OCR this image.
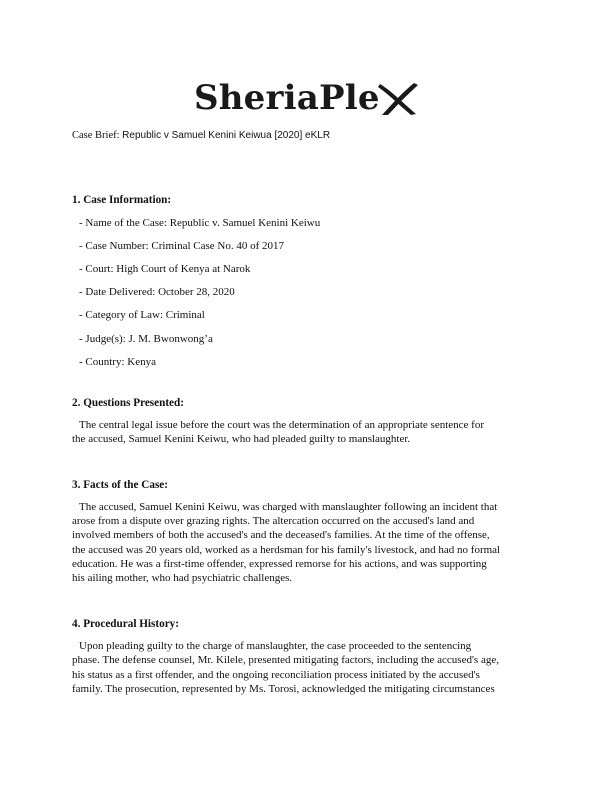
SheriaPle
Case Brief: Republic v Samuel Kenini Keiwua [2020] eKLR

1. Case Information:

- Name of the Case: Republic v. Samuel Kenini Keiwu
- Case Number: Criminal Case No. 40 of 2017
- Court: High Court of Kenya at Narok
- Date Delivered: October 28, 2020
- Category of Law: Criminal
- Judge(s): J. M. Bwonwong’a
- Country: Kenya

2. Questions Presented:

The central legal issue before the court was the determination of an appropriate sentence for
the accused, Samuel Kenini Keiwu, who had pleaded guilty to manslaughter.

3. Facts of the Case:

The accused, Samuel Kenini Keiwu, was charged with manslaughter following an incident that
arose from a dispute over grazing rights. The altercation occurred on the accused's land and
involved members of both the accused's and the deceased's families. At the time of the offense,
the accused was 20 years old, worked as a herdsman for his family's livestock, and had no formal
education. He was a first-time offender, expressed remorse for his actions, and was supporting
his ailing mother, who had psychiatric challenges.

4. Procedural History:

Upon pleading guilty to the charge of manslaughter, the case proceeded to the sentencing
phase. The defense counsel, Mr. Kilele, presented mitigating factors, including the accused's age,
his status as a first offender, and the ongoing reconciliation process initiated by the accused's
family. The prosecution, represented by Ms. Torosi, acknowledged the mitigating circumstances
